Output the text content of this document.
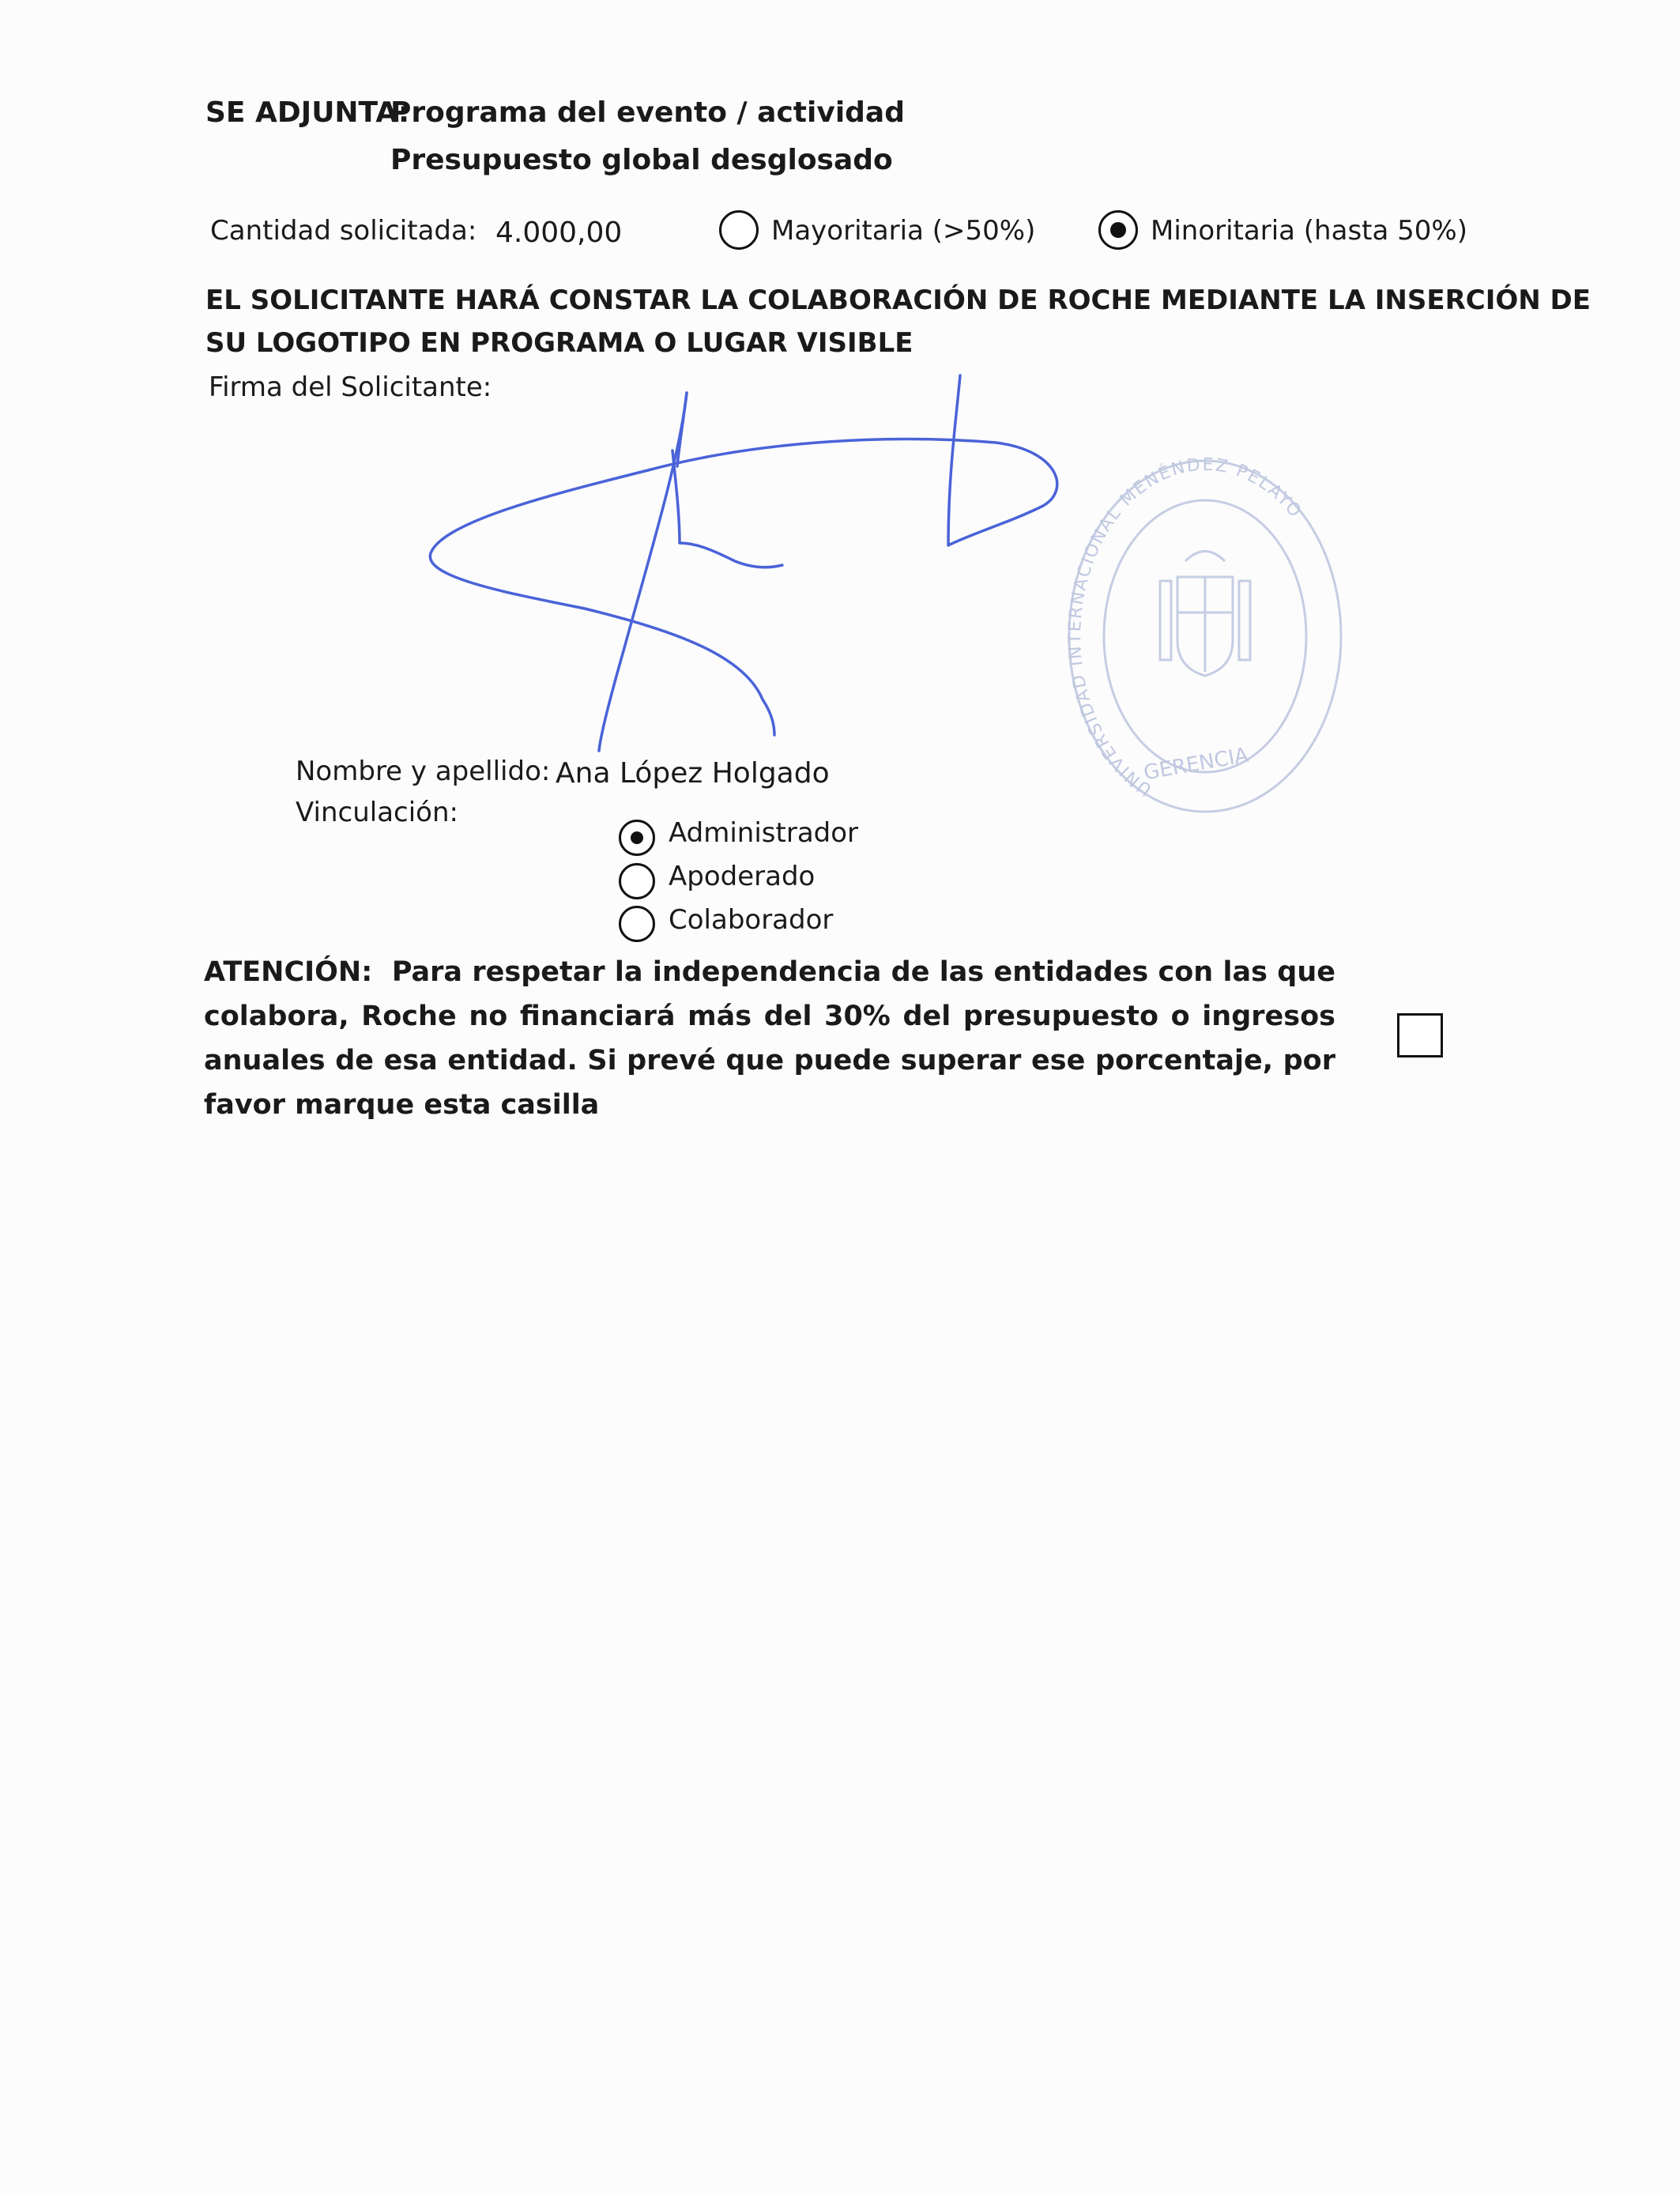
SE ADJUNTA:
Programa del evento / actividad
Presupuesto global desglosado
Cantidad solicitada: 4.000,00	Mayoritaria (>50%)	Minoritaria (hasta 50%)
EL SOLICITANTE HARÁ CONSTAR LA COLABORACIÓN DE ROCHE MEDIANTE LA INSERCIÓN DE
SU LOGOTIPO EN PROGRAMA O LUGAR VISIBLE
Firma del Solicitante:
UNIVERSIDAD INTERNACIONAL MENÉNDEZ PELAYO
GERENCIA
Nombre y apellido: Ana López Holgado
Vinculación:
Administrador
Apoderado
Colaborador
ATENCIÓN: Para respetar la independencia de las entidades con las que colabora, Roche no financiará más del 30% del presupuesto o ingresos anuales de esa entidad. Si prevé que puede superar ese porcentaje, por favor marque esta casilla
